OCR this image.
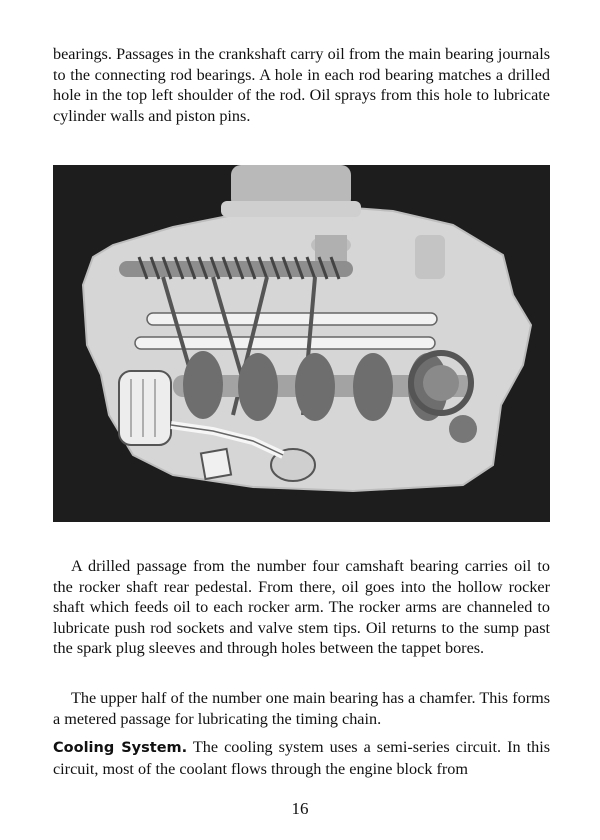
bearings. Passages in the crankshaft carry oil from the main bearing journals to the connecting rod bearings. A hole in each rod bearing matches a drilled hole in the top left shoulder of the rod. Oil sprays from this hole to lubricate cylinder walls and piston pins.

A drilled passage from the number four camshaft bearing carries oil to the rocker shaft rear pedestal. From there, oil goes into the hollow rocker shaft which feeds oil to each rocker arm. The rocker arms are channeled to lubricate push rod sockets and valve stem tips. Oil returns to the sump past the spark plug sleeves and through holes between the tappet bores.

The upper half of the number one main bearing has a chamfer. This forms a metered passage for lubricating the timing chain.

Cooling System. The cooling system uses a semi-series circuit. In this circuit, most of the coolant flows through the engine block from

16
